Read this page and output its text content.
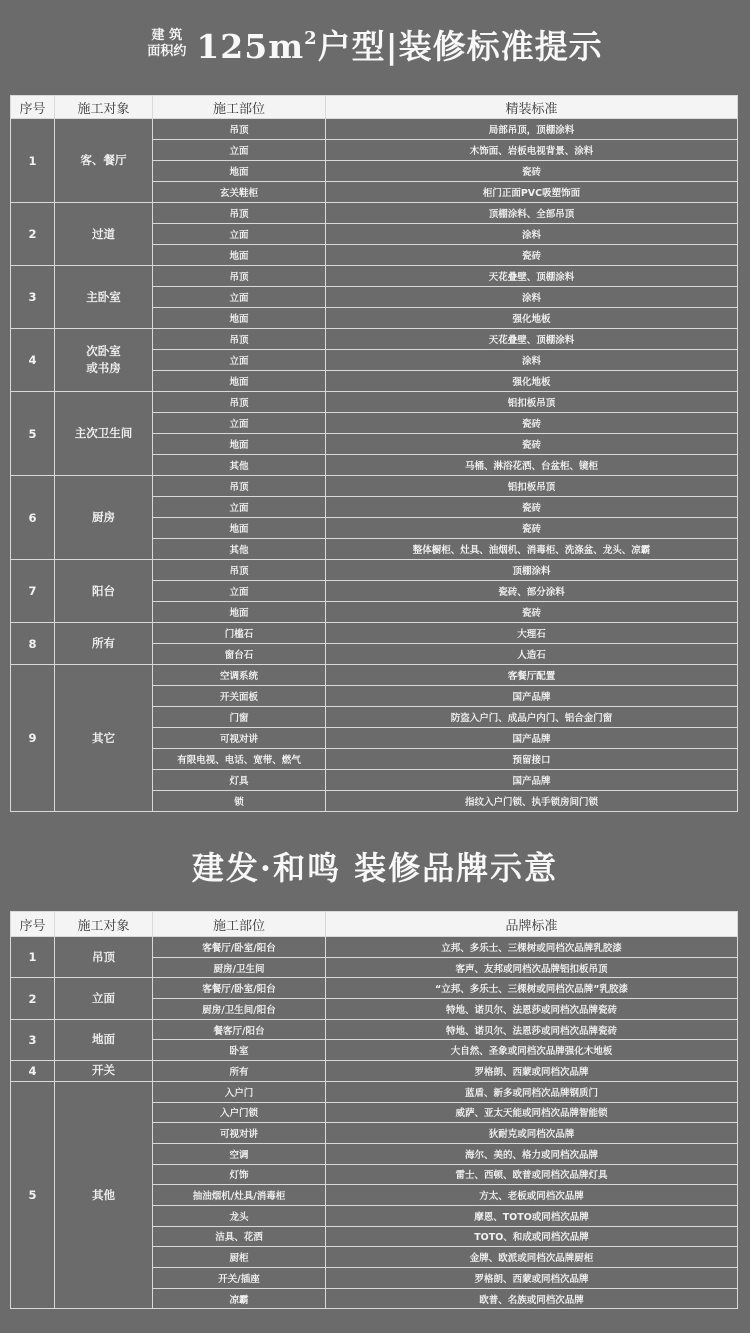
建 筑
面积约 $125m^2$户型|装修标准提示
序号	施工对象	施工部位	精装标准
1	客、餐厅	吊顶	局部吊顶，顶棚涂料
		立面	木饰面、岩板电视背景、涂料
		地面	瓷砖
		玄关鞋柜	柜门正面PVC吸塑饰面
2	过道	吊顶	顶棚涂料、全部吊顶
		立面	涂料
		地面	瓷砖
3	主卧室	吊顶	天花叠壁、顶棚涂料
		立面	涂料
		地面	强化地板
4	次卧室
或书房	吊顶	天花叠壁、顶棚涂料
		立面	涂料
		地面	强化地板
5	主次卫生间	吊顶	铝扣板吊顶
		立面	瓷砖
		地面	瓷砖
		其他	马桶、淋浴花洒、台盆柜、镜柜
6	厨房	吊顶	铝扣板吊顶
		立面	瓷砖
		地面	瓷砖
		其他	整体橱柜、灶具、油烟机、消毒柜、洗涤盆、龙头、凉霸
7	阳台	吊顶	顶棚涂料
		立面	瓷砖、部分涂料
		地面	瓷砖
8	所有	门槛石	大理石
		窗台石	人造石
9	其它	空调系统	客餐厅配置
		开关面板	国产品牌
		门窗	防盗入户门、成品户内门、铝合金门窗
		可视对讲	国产品牌
		有限电视、电话、宽带、燃气	预留接口
		灯具	国产品牌
		锁	指纹入户门锁、执手锁房间门锁
建发·和鸣 装修品牌示意
序号	施工对象	施工部位	品牌标准
1	吊顶	客餐厅/卧室/阳台	立邦、多乐士、三棵树或同档次品牌乳胶漆
		厨房/卫生间	客声、友邦或同档次品牌铝扣板吊顶
2	立面	客餐厅/卧室/阳台	“立邦、多乐士、三棵树或同档次品牌”乳胶漆
		厨房/卫生间/阳台	特地、诺贝尔、法恩莎或同档次品牌瓷砖
3	地面	餐客厅/阳台	特地、诺贝尔、法恩莎或同档次品牌瓷砖
		卧室	大自然、圣象或同档次品牌强化木地板
4	开关	所有	罗格朗、西蒙或同档次品牌
5	其他	入户门	蓝盾、新多或同档次品牌钢质门
		入户门锁	威萨、亚太天能或同档次品牌智能锁
		可视对讲	狄耐克或同档次品牌
		空调	海尔、美的、格力或同档次品牌
		灯饰	雷士、西顿、欧普或同档次品牌灯具
		抽油烟机/灶具/消毒柜	方太、老板或同档次品牌
		龙头	摩恩、TOTO或同档次品牌
		洁具、花洒	TOTO、和成或同档次品牌
		厨柜	金牌、欧派或同档次品牌厨柜
		开关/插座	罗格朗、西蒙或同档次品牌
		凉霸	欧普、名族或同档次品牌
